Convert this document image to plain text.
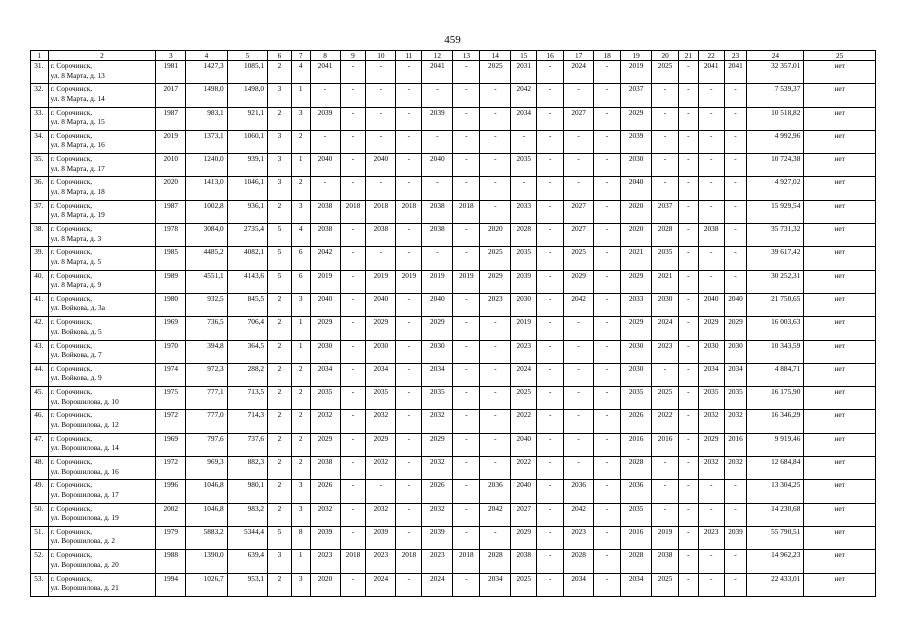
459
1	2	3	4	5	6	7	8	9	10	11	12	13	14	15	16	17	18	19	20	21	22	23	24	25
31.	г. Сорочинск,
ул. 8 Марта, д. 13	1981	1427,3	1085,1	2	4	2041	-	-	-	2041	-	2025	2031	-	2024	-	2019	2025	-	2041	2041	32 357,01	нет
32.	г. Сорочинск,
ул. 8 Марта, д. 14	2017	1498,0	1498,0	3	1	-	-	-	-	-	-	-	2042	-	-	-	2037	-	-	-	-	7 539,37	нет
33.	г. Сорочинск,
ул. 8 Марта, д. 15	1987	983,1	921,1	2	3	2039	-	-	-	2039	-	-	2034	-	2027	-	2029	-	-	-	-	10 518,82	нет
34.	г. Сорочинск,
ул. 8 Марта, д. 16	2019	1373,1	1060,1	3	2	-	-	-	-	-	-	-	-	-	-	-	2039	-	-	-	-	4 992,96	нет
35.	г. Сорочинск,
ул. 8 Марта, д. 17	2010	1240,0	939,1	3	1	2040	-	2040	-	2040	-	-	2035	-	-	-	2030	-	-	-	-	10 724,38	нет
36.	г. Сорочинск,
ул. 8 Марта, д. 18	2020	1413,0	1046,1	3	2	-	-	-	-	-	-	-	-	-	-	-	2040	-	-	-	-	4 927,02	нет
37.	г. Сорочинск,
ул. 8 Марта, д. 19	1987	1002,8	936,1	2	3	2038	2018	2018	2018	2038	2018	-	2033	-	2027	-	2020	2037	-	-	-	15 929,54	нет
38.	г. Сорочинск,
ул. 8 Марта, д. 3	1978	3084,0	2735,4	5	4	2038	-	2038	-	2038	-	2020	2028	-	2027	-	2020	2028	-	2038	-	35 731,32	нет
39.	г. Сорочинск,
ул. 8 Марта, д. 5	1985	4485,2	4082,1	5	6	2042	-	-	-	-	-	2025	2035	-	2025	-	2021	2035	-	-	-	39 617,42	нет
40.	г. Сорочинск,
ул. 8 Марта, д. 9	1989	4551,1	4143,6	5	6	2019	-	2019	2019	2019	2019	2029	2039	-	2029	-	2029	2021	-	-	-	30 252,31	нет
41.	г. Сорочинск,
ул. Войкова, д. 3а	1980	932,5	845,5	2	3	2040	-	2040	-	2040	-	2023	2030	-	2042	-	2033	2030	-	2040	2040	21 750,65	нет
42.	г. Сорочинск,
ул. Войкова, д. 5	1969	736,5	706,4	2	1	2029	-	2029	-	2029	-	-	2019	-	-	-	2029	2024	-	2029	2029	16 003,63	нет
43.	г. Сорочинск,
ул. Войкова, д. 7	1970	394,8	364,5	2	1	2030	-	2030	-	2030	-	-	2023	-	-	-	2030	2023	-	2030	2030	10 343,59	нет
44.	г. Сорочинск,
ул. Войкова, д. 9	1974	972,3	288,2	2	2	2034	-	2034	-	2034	-	-	2024	-	-	-	2030	-	-	2034	2034	4 884,71	нет
45.	г. Сорочинск,
ул. Ворошилова, д. 10	1975	777,1	713,5	2	2	2035	-	2035	-	2035	-	-	2025	-	-	-	2035	2025	-	2035	2035	16 175,90	нет
46.	г. Сорочинск,
ул. Ворошилова, д. 12	1972	777,0	714,3	2	2	2032	-	2032	-	2032	-	-	2022	-	-	-	2026	2022	-	2032	2032	16 346,29	нет
47.	г. Сорочинск,
ул. Ворошилова, д. 14	1969	797,6	737,6	2	2	2029	-	2029	-	2029	-	-	2040	-	-	-	2016	2016	-	2029	2016	9 919,46	нет
48.	г. Сорочинск,
ул. Ворошилова, д. 16	1972	969,3	882,3	2	2	2038	-	2032	-	2032	-	-	2022	-	-	-	2028	-	-	2032	2032	12 684,84	нет
49.	г. Сорочинск,
ул. Ворошилова, д. 17	1996	1046,8	980,1	2	3	2026	-	-	-	2026	-	2036	2040	-	2036	-	2036	-	-	-	-	13 304,25	нет
50.	г. Сорочинск,
ул. Ворошилова, д. 19	2002	1046,8	983,2	2	3	2032	-	2032	-	2032	-	2042	2027	-	2042	-	2035	-	-	-	-	14 230,68	нет
51.	г. Сорочинск,
ул. Ворошилова, д. 2	1979	5883,2	5344,4	5	8	2039	-	2039	-	2039	-	-	2029	-	2023	-	2016	2019	-	2023	2039	55 790,51	нет
52.	г. Сорочинск,
ул. Ворошилова, д. 20	1988	1390,0	639,4	3	1	2023	2018	2023	2018	2023	2018	2028	2038	-	2028	-	2028	2038	-	-	-	14 962,23	нет
53.	г. Сорочинск,
ул. Ворошилова, д. 21	1994	1026,7	953,1	2	3	2020	-	2024	-	2024	-	2034	2025	-	2034	-	2034	2025	-	-	-	22 433,01	нет
